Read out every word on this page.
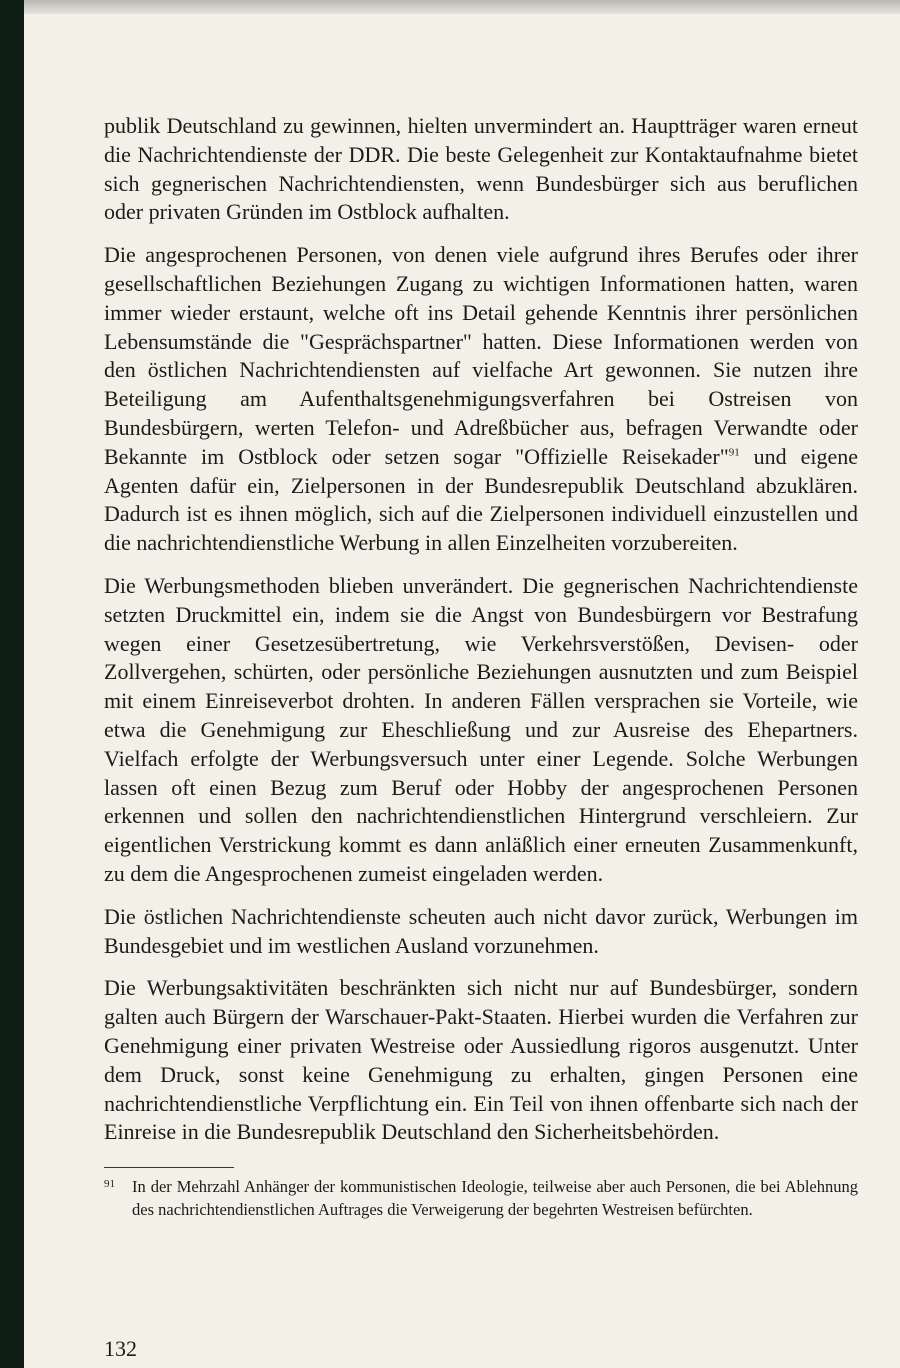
publik Deutschland zu gewinnen, hielten unvermindert an. Hauptträger waren erneut die Nachrichtendienste der DDR. Die beste Gelegenheit zur Kontaktaufnahme bietet sich gegnerischen Nachrichtendiensten, wenn Bundesbürger sich aus beruflichen oder privaten Gründen im Ostblock aufhalten.

Die angesprochenen Personen, von denen viele aufgrund ihres Berufes oder ihrer gesellschaftlichen Beziehungen Zugang zu wichtigen Informationen hatten, waren immer wieder erstaunt, welche oft ins Detail gehende Kenntnis ihrer persönlichen Lebensumstände die "Gesprächspartner" hatten. Diese Informationen werden von den östlichen Nachrichtendiensten auf vielfache Art gewonnen. Sie nutzen ihre Beteiligung am Aufenthaltsgenehmigungsverfahren bei Ostreisen von Bundesbürgern, werten Telefon- und Adreßbücher aus, befragen Verwandte oder Bekannte im Ostblock oder setzen sogar "Offizielle Reisekader"$^{91}$ und eigene Agenten dafür ein, Zielpersonen in der Bundesrepublik Deutschland abzuklären. Dadurch ist es ihnen möglich, sich auf die Zielpersonen individuell einzustellen und die nachrichtendienstliche Werbung in allen Einzelheiten vorzubereiten.

Die Werbungsmethoden blieben unverändert. Die gegnerischen Nachrichtendienste setzten Druckmittel ein, indem sie die Angst von Bundesbürgern vor Bestrafung wegen einer Gesetzesübertretung, wie Verkehrsverstößen, Devisen- oder Zollvergehen, schürten, oder persönliche Beziehungen ausnutzten und zum Beispiel mit einem Einreiseverbot drohten. In anderen Fällen versprachen sie Vorteile, wie etwa die Genehmigung zur Eheschließung und zur Ausreise des Ehepartners. Vielfach erfolgte der Werbungsversuch unter einer Legende. Solche Werbungen lassen oft einen Bezug zum Beruf oder Hobby der angesprochenen Personen erkennen und sollen den nachrichtendienstlichen Hintergrund verschleiern. Zur eigentlichen Verstrickung kommt es dann anläßlich einer erneuten Zusammenkunft, zu dem die Angesprochenen zumeist eingeladen werden.

Die östlichen Nachrichtendienste scheuten auch nicht davor zurück, Werbungen im Bundesgebiet und im westlichen Ausland vorzunehmen.

Die Werbungsaktivitäten beschränkten sich nicht nur auf Bundesbürger, sondern galten auch Bürgern der Warschauer-Pakt-Staaten. Hierbei wurden die Verfahren zur Genehmigung einer privaten Westreise oder Aussiedlung rigoros ausgenutzt. Unter dem Druck, sonst keine Genehmigung zu erhalten, gingen Personen eine nachrichtendienstliche Verpflichtung ein. Ein Teil von ihnen offenbarte sich nach der Einreise in die Bundesrepublik Deutschland den Sicherheitsbehörden.

91	In der Mehrzahl Anhänger der kommunistischen Ideologie, teilweise aber auch Personen, die bei Ablehnung des nachrichtendienstlichen Auftrages die Verweigerung der begehrten Westreisen befürchten.
132
